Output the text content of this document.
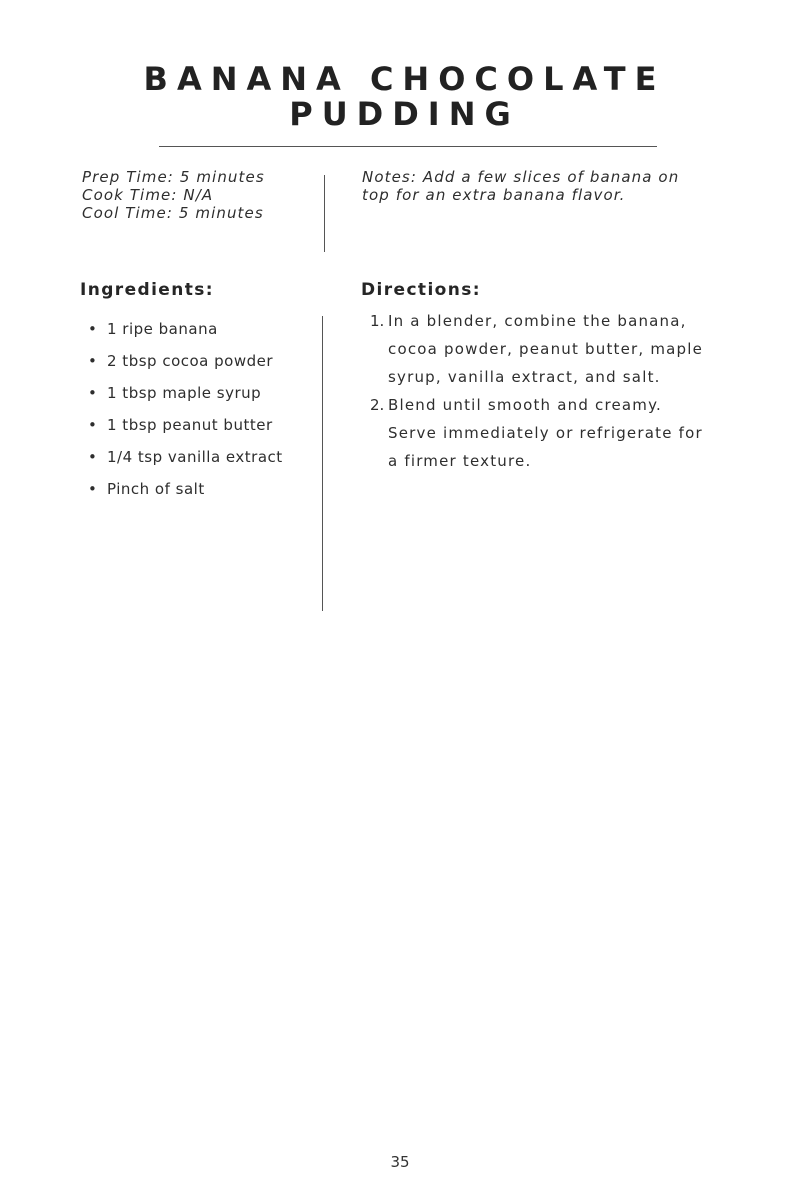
BANANA CHOCOLATE
PUDDING
Prep Time: 5 minutes
Cook Time: N/A
Cool Time: 5 minutes
Notes: Add a few slices of banana on top for an extra banana flavor.
Ingredients:
• 1 ripe banana
• 2 tbsp cocoa powder
• 1 tbsp maple syrup
• 1 tbsp peanut butter
• 1/4 tsp vanilla extract
• Pinch of salt
Directions:
1. In a blender, combine the banana, cocoa powder, peanut butter, maple syrup, vanilla extract, and salt.
2. Blend until smooth and creamy. Serve immediately or refrigerate for a firmer texture.
35
